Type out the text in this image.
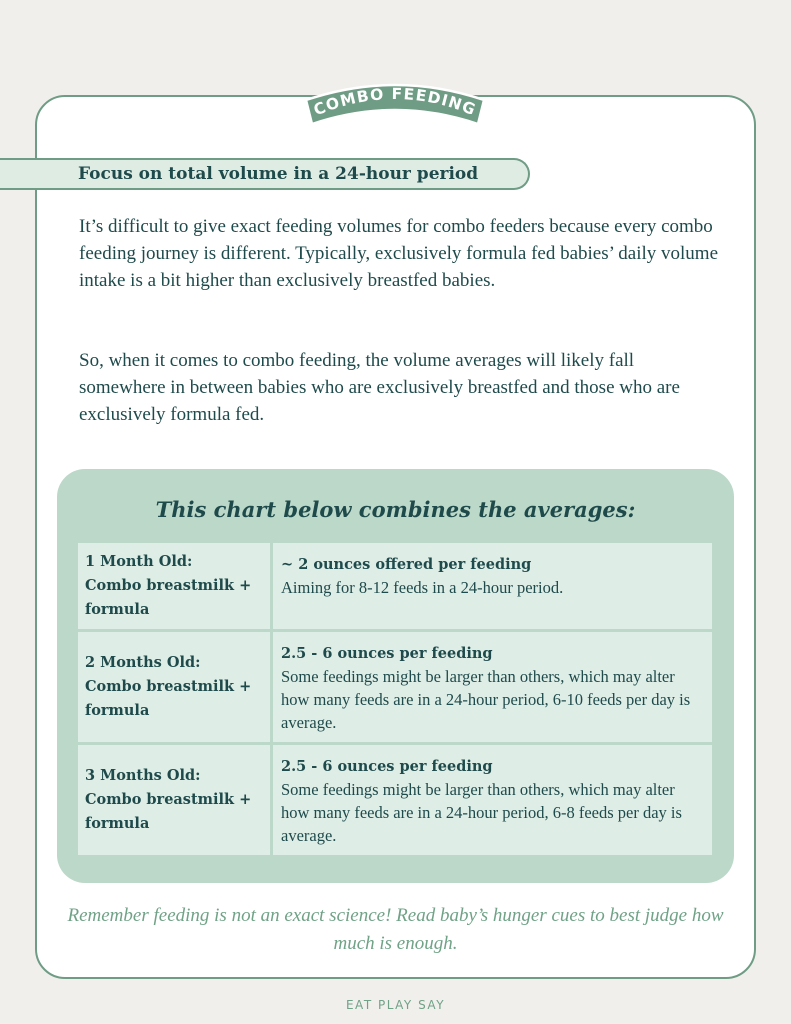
COMBO FEEDING
Focus on total volume in a 24-hour period

It’s difficult to give exact feeding volumes for combo feeders because every combo feeding journey is different. Typically, exclusively formula fed babies’ daily volume intake is a bit higher than exclusively breastfed babies.

So, when it comes to combo feeding, the volume averages will likely fall somewhere in between babies who are exclusively breastfed and those who are exclusively formula fed.

This chart below combines the averages:
1 Month Old:
Combo breastmilk +
formula
~ 2 ounces offered per feeding
Aiming for 8-12 feeds in a 24-hour period.
2 Months Old:
Combo breastmilk +
formula
2.5 - 6 ounces per feeding
Some feedings might be larger than others, which may alter how many feeds are in a 24-hour period, 6-10 feeds per day is average.
3 Months Old:
Combo breastmilk +
formula
2.5 - 6 ounces per feeding
Some feedings might be larger than others, which may alter how many feeds are in a 24-hour period, 6-8 feeds per day is average.

Remember feeding is not an exact science! Read baby’s hunger cues to best judge how much is enough.

EAT PLAY SAY
